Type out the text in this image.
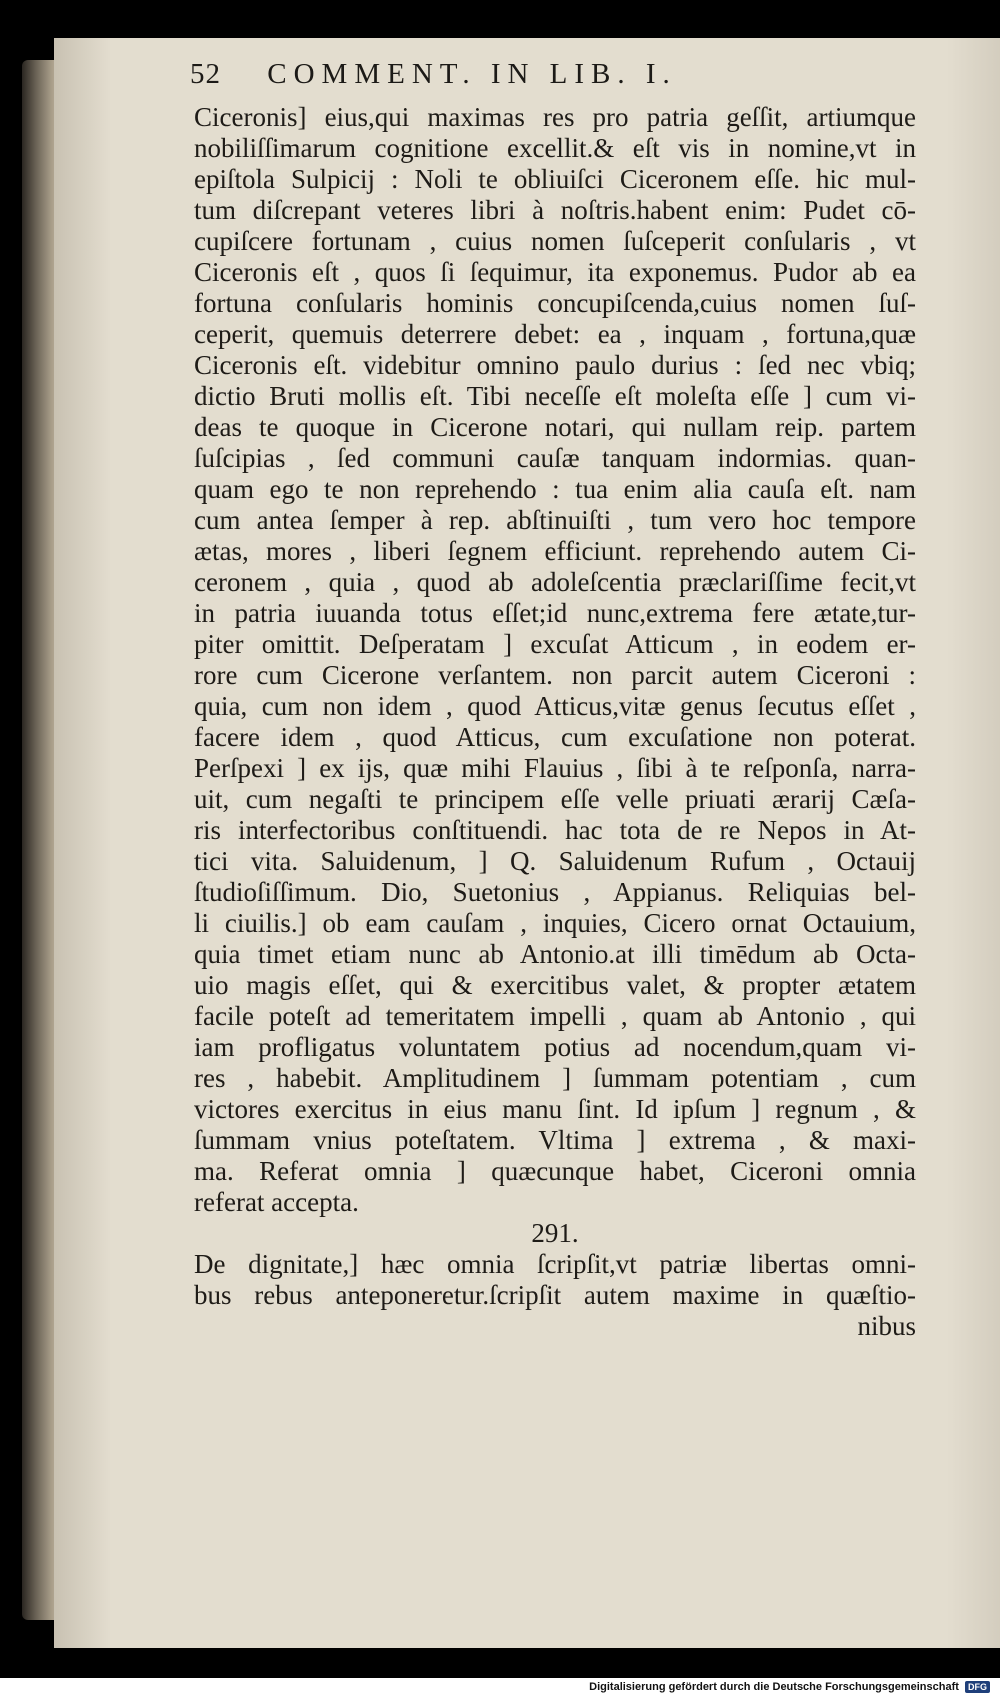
52 COMMENT. IN LIB. I.
Ciceronis] eius,qui maximas res pro patria geſſit, artiumque
nobiliſſimarum cognitione excellit.& eſt vis in nomine,vt in
epiſtola Sulpicij : Noli te obliuiſci Ciceronem eſſe. hic mul-
tum diſcrepant veteres libri à noſtris.habent enim: Pudet cō-
cupiſcere fortunam , cuius nomen ſuſceperit conſularis , vt
Ciceronis eſt , quos ſi ſequimur, ita exponemus. Pudor ab ea
fortuna conſularis hominis concupiſcenda,cuius nomen ſuſ-
ceperit, quemuis deterrere debet: ea , inquam , fortuna,quæ
Ciceronis eſt. videbitur omnino paulo durius : ſed nec vbiq;
dictio Bruti mollis eſt. Tibi neceſſe eſt moleſta eſſe ] cum vi-
deas te quoque in Cicerone notari, qui nullam reip. partem
ſuſcipias , ſed communi cauſæ tanquam indormias. quan-
quam ego te non reprehendo : tua enim alia cauſa eſt. nam
cum antea ſemper à rep. abſtinuiſti , tum vero hoc tempore
ætas, mores , liberi ſegnem efficiunt. reprehendo autem Ci-
ceronem , quia , quod ab adoleſcentia præclariſſime fecit,vt
in patria iuuanda totus eſſet;id nunc,extrema fere ætate,tur-
piter omittit. Deſperatam ] excuſat Atticum , in eodem er-
rore cum Cicerone verſantem. non parcit autem Ciceroni :
quia, cum non idem , quod Atticus,vitæ genus ſecutus eſſet ,
facere idem , quod Atticus, cum excuſatione non poterat.
Perſpexi ] ex ijs, quæ mihi Flauius , ſibi à te reſponſa, narra-
uit, cum negaſti te principem eſſe velle priuati ærarij Cæſa-
ris interfectoribus conſtituendi. hac tota de re Nepos in At-
tici vita. Saluidenum, ] Q. Saluidenum Rufum , Octauij
ſtudioſiſſimum. Dio, Suetonius , Appianus. Reliquias bel-
li ciuilis.] ob eam cauſam , inquies, Cicero ornat Octauium,
quia timet etiam nunc ab Antonio.at illi timēdum ab Octa-
uio magis eſſet, qui & exercitibus valet, & propter ætatem
facile poteſt ad temeritatem impelli , quam ab Antonio , qui
iam profligatus voluntatem potius ad nocendum,quam vi-
res , habebit. Amplitudinem ] ſummam potentiam , cum
victores exercitus in eius manu ſint. Id ipſum ] regnum , &
ſummam vnius poteſtatem. Vltima ] extrema , & maxi-
ma. Referat omnia ] quæcunque habet, Ciceroni omnia
referat accepta.
291.
De dignitate,] hæc omnia ſcripſit,vt patriæ libertas omni-
bus rebus anteponeretur.ſcripſit autem maxime in quæſtio-
nibus
Digitalisierung gefördert durch die Deutsche Forschungsgemeinschaft DFG
